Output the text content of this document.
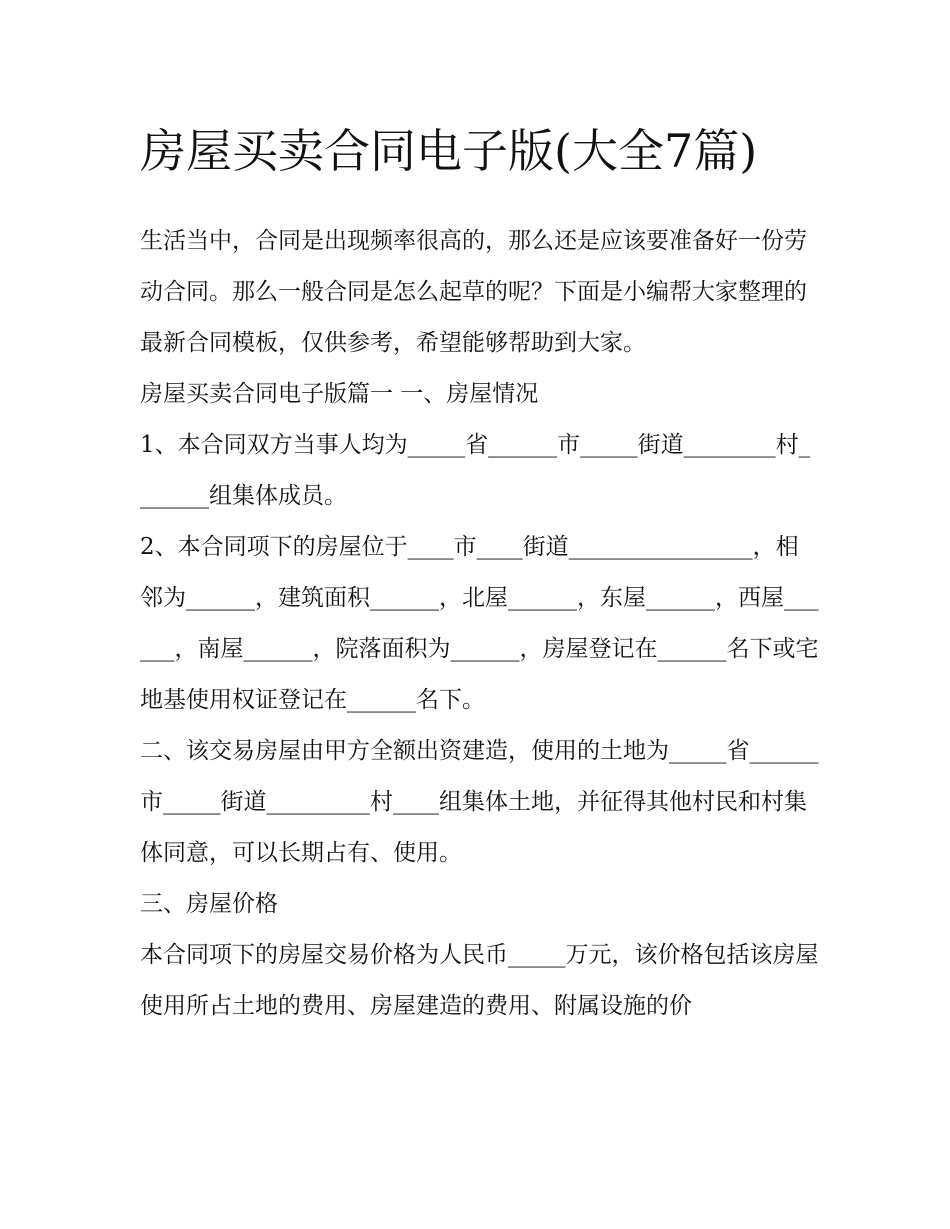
房屋买卖合同电子版(大全7篇)

生活当中，合同是出现频率很高的，那么还是应该要准备好一份劳动合同。那么一般合同是怎么起草的呢？下面是小编帮大家整理的最新合同模板，仅供参考，希望能够帮助到大家。

房屋买卖合同电子版篇一 一、房屋情况

1、本合同双方当事人均为_____省______市_____街道________村_______组集体成员。

2、本合同项下的房屋位于____市____街道________________，相邻为______，建筑面积______，北屋______，东屋______，西屋______，南屋______，院落面积为______，房屋登记在______名下或宅地基使用权证登记在______名下。

二、该交易房屋由甲方全额出资建造，使用的土地为_____省______市_____街道_________村____组集体土地，并征得其他村民和村集体同意，可以长期占有、使用。

三、房屋价格

本合同项下的房屋交易价格为人民币_____万元，该价格包括该房屋使用所占土地的费用、房屋建造的费用、附属设施的价
